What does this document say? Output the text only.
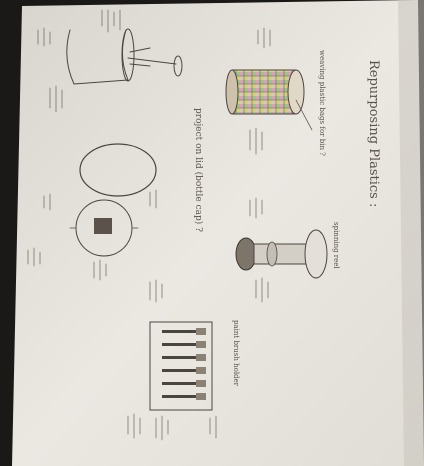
Repurposing Plastics :
project on lid (bottle cap) ?
weaving plastic bags for bin ?
spinning reel
paint brush holder
